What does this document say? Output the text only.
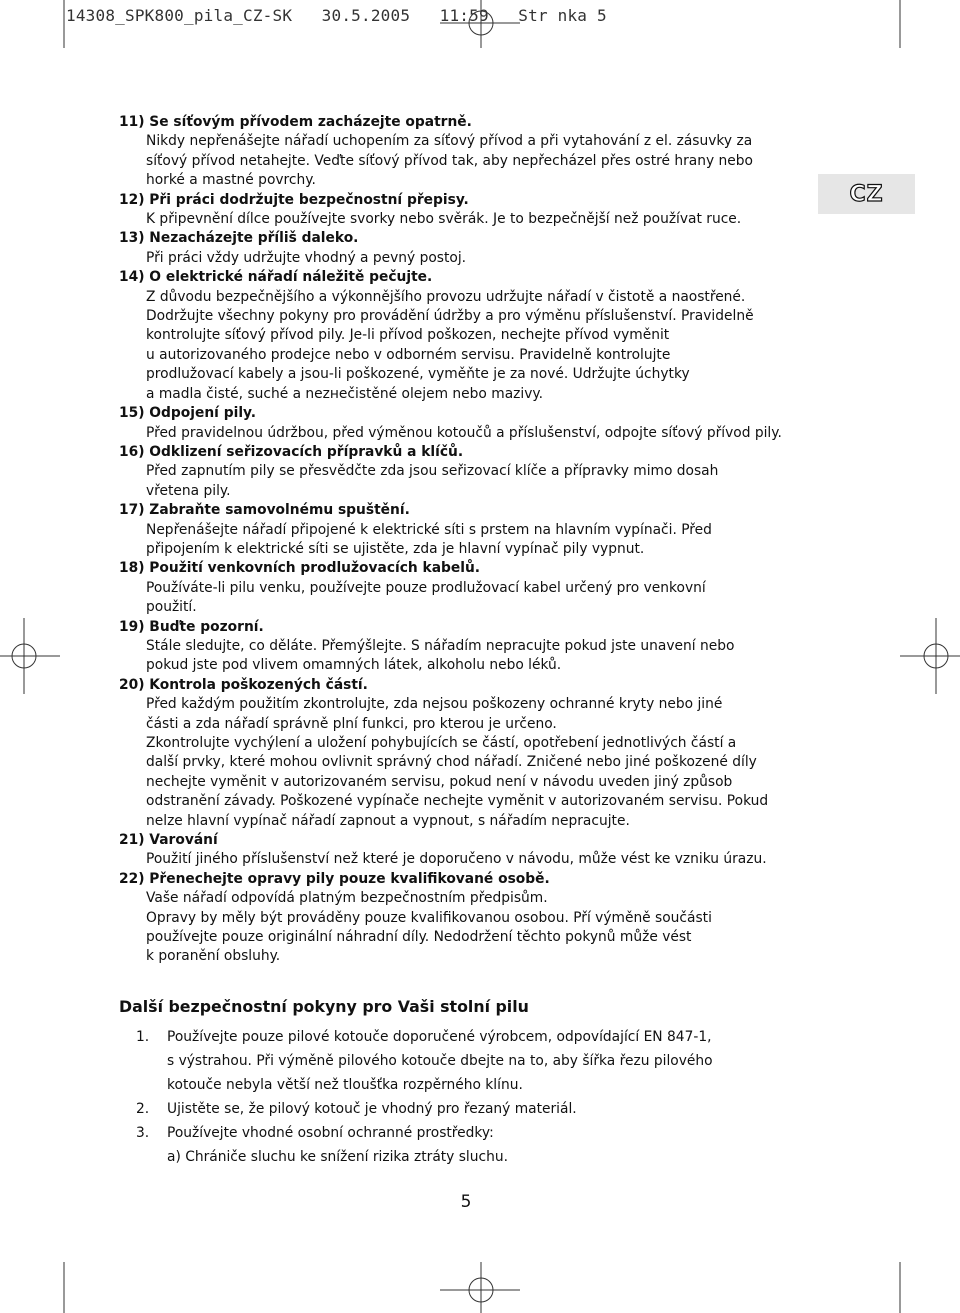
14308_SPK800_pila_CZ-SK   30.5.2005   11:59   Str nka 5
CZ
11) Se síťovým přívodem zacházejte opatrně.
Nikdy nepřenášejte nářadí uchopením za síťový přívod a při vytahování z el. zásuvky za
síťový přívod netahejte. Veďte síťový přívod tak, aby nepřecházel přes ostré hrany nebo
horké a mastné povrchy.
12) Při práci dodržujte bezpečnostní přepisy.
K připevnění dílce používejte svorky nebo svěrák. Je to bezpečnější než používat ruce.
13) Nezacházejte příliš daleko.
Při práci vždy udržujte vhodný a pevný postoj.
14) O elektrické nářadí náležitě pečujte.
Z důvodu bezpečnějšího a výkonnějšího provozu udržujte nářadí v čistotě a naostřené.
Dodržujte všechny pokyny pro provádění údržby a pro výměnu příslušenství. Pravidelně
kontrolujte síťový přívod pily. Je-li přívod poškozen, nechejte přívod vyměnit
u autorizovaného prodejce nebo v odborném servisu. Pravidelně kontrolujte
prodlužovací kabely a jsou-li poškozené, vyměňte je za nové. Udržujte úchytky
a madla čisté, suché a nezнečistěné olejem nebo mazivy.
15) Odpojení pily.
Před pravidelnou údržbou, před výměnou kotoučů a příslušenství, odpojte síťový přívod pily.
16) Odklizení seřizovacích přípravků a klíčů.
Před zapnutím pily se přesvědčte zda jsou seřizovací klíče a přípravky mimo dosah
vřetena pily.
17) Zabraňte samovolnému spuštění.
Nepřenášejte nářadí připojené k elektrické síti s prstem na hlavním vypínači. Před
připojením k elektrické síti se ujistěte, zda je hlavní vypínač pily vypnut.
18) Použití venkovních prodlužovacích kabelů.
Používáte-li pilu venku, používejte pouze prodlužovací kabel určený pro venkovní
použití.
19) Buďte pozorní.
Stále sledujte, co děláte. Přemýšlejte. S nářadím nepracujte pokud jste unavení nebo
pokud jste pod vlivem omamných látek, alkoholu nebo léků.
20) Kontrola poškozených částí.
Před každým použitím zkontrolujte, zda nejsou poškozeny ochranné kryty nebo jiné
části a zda nářadí správně plní funkci, pro kterou je určeno.
Zkontrolujte vychýlení a uložení pohybujících se částí, opotřebení jednotlivých částí a
další prvky, které mohou ovlivnit správný chod nářadí. Zničené nebo jiné poškozené díly
nechejte vyměnit v autorizovaném servisu, pokud není v návodu uveden jiný způsob
odstranění závady. Poškozené vypínače nechejte vyměnit v autorizovaném servisu. Pokud
nelze hlavní vypínač nářadí zapnout a vypnout, s nářadím nepracujte.
21) Varování
Použití jiného příslušenství než které je doporučeno v návodu, může vést ke vzniku úrazu.
22) Přenechejte opravy pily pouze kvalifikované osobě.
Vaše nářadí odpovídá platným bezpečnostním předpisům.
Opravy by měly být prováděny pouze kvalifikovanou osobou. Pří výměně součásti
používejte pouze originální náhradní díly. Nedodržení těchto pokynů může vést
k poranění obsluhy.
Další bezpečnostní pokyny pro Vaši stolní pilu
1.	Používejte pouze pilové kotouče doporučené výrobcem, odpovídající EN 847-1,
s výstrahou. Při výměně pilového kotouče dbejte na to, aby šířka řezu pilového
kotouče nebyla větší než tloušťka rozpěrného klínu.
2.	Ujistěte se, že pilový kotouč je vhodný pro řezaný materiál.
3.	Používejte vhodné osobní ochranné prostředky:
a) Chrániče sluchu ke snížení rizika ztráty sluchu.
5
